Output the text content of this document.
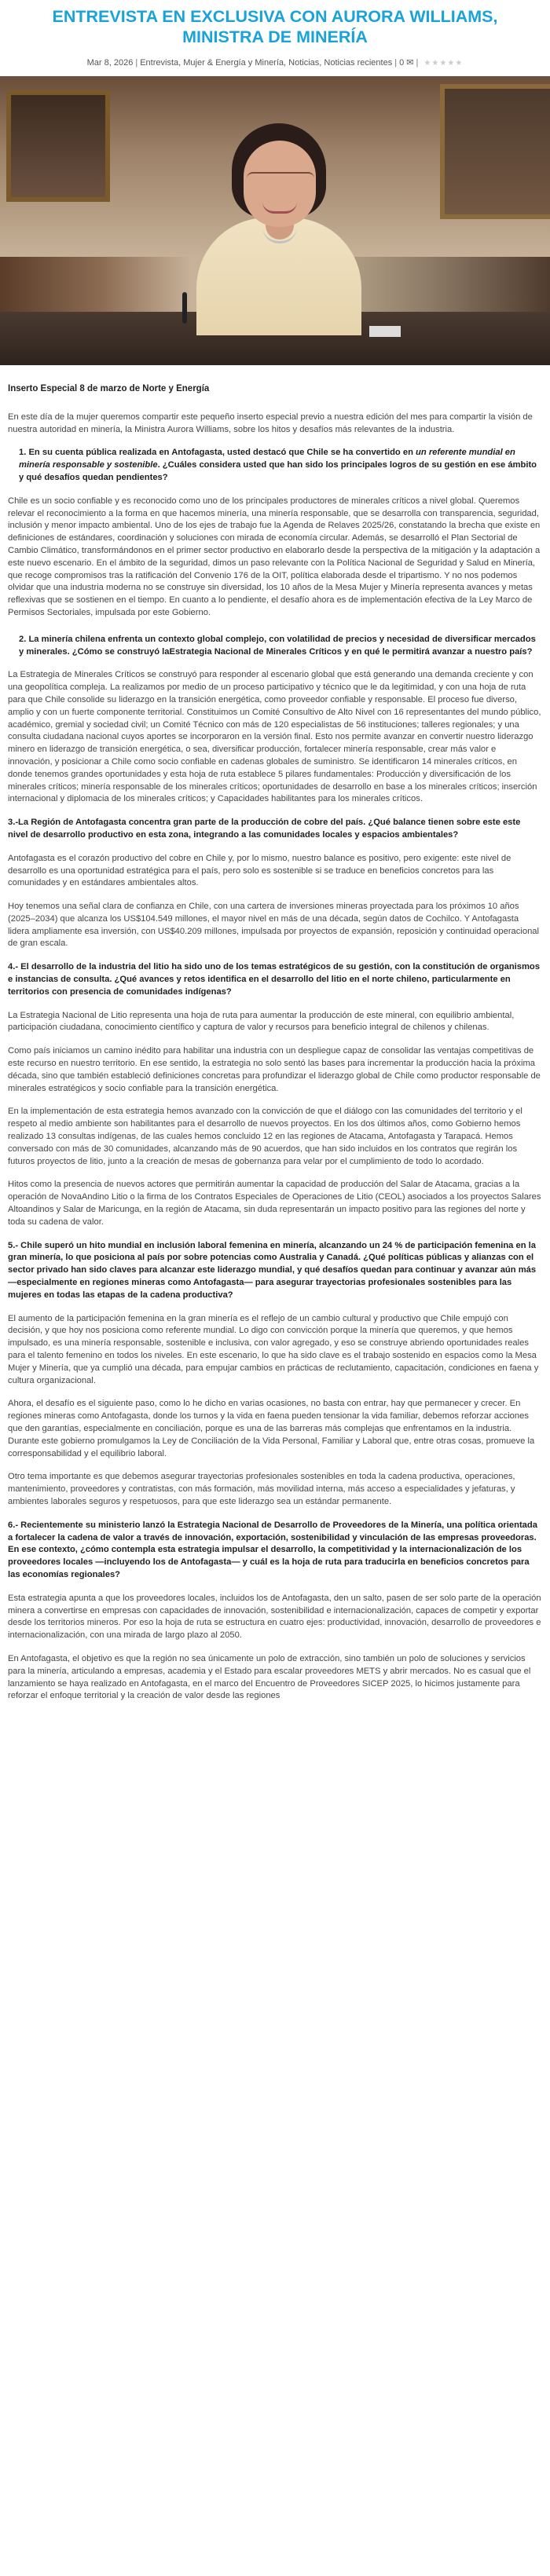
ENTREVISTA EN EXCLUSIVA CON AURORA WILLIAMS, MINISTRA DE MINERÍA
Mar 8, 2026 | Entrevista, Mujer & Energía y Minería, Noticias, Noticias recientes | 0 ✉ | ★★★★★

Inserto Especial 8 de marzo de Norte y Energía

En este día de la mujer queremos compartir este pequeño inserto especial previo a nuestra edición del mes para compartir la visión de nuestra autoridad en minería, la Ministra Aurora Williams, sobre los hitos y desafíos más relevantes de la industria.

1. En su cuenta pública realizada en Antofagasta, usted destacó que Chile se ha convertido en un referente mundial en minería responsable y sostenible. ¿Cuáles considera usted que han sido los principales logros de su gestión en ese ámbito y qué desafíos quedan pendientes?

Chile es un socio confiable y es reconocido como uno de los principales productores de minerales críticos a nivel global. Queremos relevar el reconocimiento a la forma en que hacemos minería, una minería responsable, que se desarrolla con transparencia, seguridad, inclusión y menor impacto ambiental. Uno de los ejes de trabajo fue la Agenda de Relaves 2025/26, constatando la brecha que existe en definiciones de estándares, coordinación y soluciones con mirada de economía circular. Además, se desarrolló el Plan Sectorial de Cambio Climático, transformándonos en el primer sector productivo en elaborarlo desde la perspectiva de la mitigación y la adaptación a este nuevo escenario. En el ámbito de la seguridad, dimos un paso relevante con la Política Nacional de Seguridad y Salud en Minería, que recoge compromisos tras la ratificación del Convenio 176 de la OIT, política elaborada desde el tripartismo. Y no nos podemos olvidar que una industria moderna no se construye sin diversidad, los 10 años de la Mesa Mujer y Minería representa avances y metas reflexivas que se sostienen en el tiempo. En cuanto a lo pendiente, el desafío ahora es de implementación efectiva de la Ley Marco de Permisos Sectoriales, impulsada por este Gobierno.

2. La minería chilena enfrenta un contexto global complejo, con volatilidad de precios y necesidad de diversificar mercados y minerales. ¿Cómo se construyó laEstrategia Nacional de Minerales Críticos y en qué le permitirá avanzar a nuestro país?

La Estrategia de Minerales Críticos se construyó para responder al escenario global que está generando una demanda creciente y con una geopolítica compleja. La realizamos por medio de un proceso participativo y técnico que le da legitimidad, y con una hoja de ruta para que Chile consolide su liderazgo en la transición energética, como proveedor confiable y responsable. El proceso fue diverso, amplio y con un fuerte componente territorial. Constituimos un Comité Consultivo de Alto Nivel con 16 representantes del mundo público, académico, gremial y sociedad civil; un Comité Técnico con más de 120 especialistas de 56 instituciones; talleres regionales; y una consulta ciudadana nacional cuyos aportes se incorporaron en la versión final. Esto nos permite avanzar en convertir nuestro liderazgo minero en liderazgo de transición energética, o sea, diversificar producción, fortalecer minería responsable, crear más valor e innovación, y posicionar a Chile como socio confiable en cadenas globales de suministro. Se identificaron 14 minerales críticos, en donde tenemos grandes oportunidades y esta hoja de ruta establece 5 pilares fundamentales: Producción y diversificación de los minerales críticos; minería responsable de los minerales críticos; oportunidades de desarrollo en base a los minerales críticos; inserción internacional y diplomacia de los minerales críticos; y Capacidades habilitantes para los minerales críticos.

3.-La Región de Antofagasta concentra gran parte de la producción de cobre del país. ¿Qué balance tienen sobre este este nivel de desarrollo productivo en esta zona, integrando a las comunidades locales y espacios ambientales?

Antofagasta es el corazón productivo del cobre en Chile y, por lo mismo, nuestro balance es positivo, pero exigente: este nivel de desarrollo es una oportunidad estratégica para el país, pero solo es sostenible si se traduce en beneficios concretos para las comunidades y en estándares ambientales altos.

Hoy tenemos una señal clara de confianza en Chile, con una cartera de inversiones mineras proyectada para los próximos 10 años (2025–2034) que alcanza los US$104.549 millones, el mayor nivel en más de una década, según datos de Cochilco. Y Antofagasta lidera ampliamente esa inversión, con US$40.209 millones, impulsada por proyectos de expansión, reposición y continuidad operacional de gran escala.

4.- El desarrollo de la industria del litio ha sido uno de los temas estratégicos de su gestión, con la constitución de organismos e instancias de consulta. ¿Qué avances y retos identifica en el desarrollo del litio en el norte chileno, particularmente en territorios con presencia de comunidades indígenas?

La Estrategia Nacional de Litio representa una hoja de ruta para aumentar la producción de este mineral, con equilibrio ambiental, participación ciudadana, conocimiento científico y captura de valor y recursos para beneficio integral de chilenos y chilenas.

Como país iniciamos un camino inédito para habilitar una industria con un despliegue capaz de consolidar las ventajas competitivas de este recurso en nuestro territorio. En ese sentido, la estrategia no solo sentó las bases para incrementar la producción hacia la próxima década, sino que también estableció definiciones concretas para profundizar el liderazgo global de Chile como productor responsable de minerales estratégicos y socio confiable para la transición energética.

En la implementación de esta estrategia hemos avanzado con la convicción de que el diálogo con las comunidades del territorio y el respeto al medio ambiente son habilitantes para el desarrollo de nuevos proyectos. En los dos últimos años, como Gobierno hemos realizado 13 consultas indígenas, de las cuales hemos concluido 12 en las regiones de Atacama, Antofagasta y Tarapacá. Hemos conversado con más de 30 comunidades, alcanzando más de 90 acuerdos, que han sido incluidos en los contratos que regirán los futuros proyectos de litio, junto a la creación de mesas de gobernanza para velar por el cumplimiento de todo lo acordado.

Hitos como la presencia de nuevos actores que permitirán aumentar la capacidad de producción del Salar de Atacama, gracias a la operación de NovaAndino Litio o la firma de los Contratos Especiales de Operaciones de Litio (CEOL) asociados a los proyectos Salares Altoandinos y Salar de Maricunga, en la región de Atacama, sin duda representarán un impacto positivo para las regiones del norte y toda su cadena de valor.

5.- Chile superó un hito mundial en inclusión laboral femenina en minería, alcanzando un 24 % de participación femenina en la gran minería, lo que posiciona al país por sobre potencias como Australia y Canadá. ¿Qué políticas públicas y alianzas con el sector privado han sido claves para alcanzar este liderazgo mundial, y qué desafíos quedan para continuar y avanzar aún más —especialmente en regiones mineras como Antofagasta— para asegurar trayectorias profesionales sostenibles para las mujeres en todas las etapas de la cadena productiva?

El aumento de la participación femenina en la gran minería es el reflejo de un cambio cultural y productivo que Chile empujó con decisión, y que hoy nos posiciona como referente mundial. Lo digo con convicción porque la minería que queremos, y que hemos impulsado, es una minería responsable, sostenible e inclusiva, con valor agregado, y eso se construye abriendo oportunidades reales para el talento femenino en todos los niveles. En este escenario, lo que ha sido clave es el trabajo sostenido en espacios como la Mesa Mujer y Minería, que ya cumplió una década, para empujar cambios en prácticas de reclutamiento, capacitación, condiciones en faena y cultura organizacional.

Ahora, el desafío es el siguiente paso, como lo he dicho en varias ocasiones, no basta con entrar, hay que permanecer y crecer. En regiones mineras como Antofagasta, donde los turnos y la vida en faena pueden tensionar la vida familiar, debemos reforzar acciones que den garantías, especialmente en conciliación, porque es una de las barreras más complejas que enfrentamos en la industria. Durante este gobierno promulgamos la Ley de Conciliación de la Vida Personal, Familiar y Laboral que, entre otras cosas, promueve la corresponsabilidad y el equilibrio laboral.

Otro tema importante es que debemos asegurar trayectorias profesionales sostenibles en toda la cadena productiva, operaciones, mantenimiento, proveedores y contratistas, con más formación, más movilidad interna, más acceso a especialidades y jefaturas, y ambientes laborales seguros y respetuosos, para que este liderazgo sea un estándar permanente.

6.- Recientemente su ministerio lanzó la Estrategia Nacional de Desarrollo de Proveedores de la Minería, una política orientada a fortalecer la cadena de valor a través de innovación, exportación, sostenibilidad y vinculación de las empresas proveedoras. En ese contexto, ¿cómo contempla esta estrategia impulsar el desarrollo, la competitividad y la internacionalización de los proveedores locales —incluyendo los de Antofagasta— y cuál es la hoja de ruta para traducirla en beneficios concretos para las economías regionales?

Esta estrategia apunta a que los proveedores locales, incluidos los de Antofagasta, den un salto, pasen de ser solo parte de la operación minera a convertirse en empresas con capacidades de innovación, sostenibilidad e internacionalización, capaces de competir y exportar desde los territorios mineros. Por eso la hoja de ruta se estructura en cuatro ejes: productividad, innovación, desarrollo de proveedores e internacionalización, con una mirada de largo plazo al 2050.

En Antofagasta, el objetivo es que la región no sea únicamente un polo de extracción, sino también un polo de soluciones y servicios para la minería, articulando a empresas, academia y el Estado para escalar proveedores METS y abrir mercados. No es casual que el lanzamiento se haya realizado en Antofagasta, en el marco del Encuentro de Proveedores SICEP 2025, lo hicimos justamente para reforzar el enfoque territorial y la creación de valor desde las regiones
